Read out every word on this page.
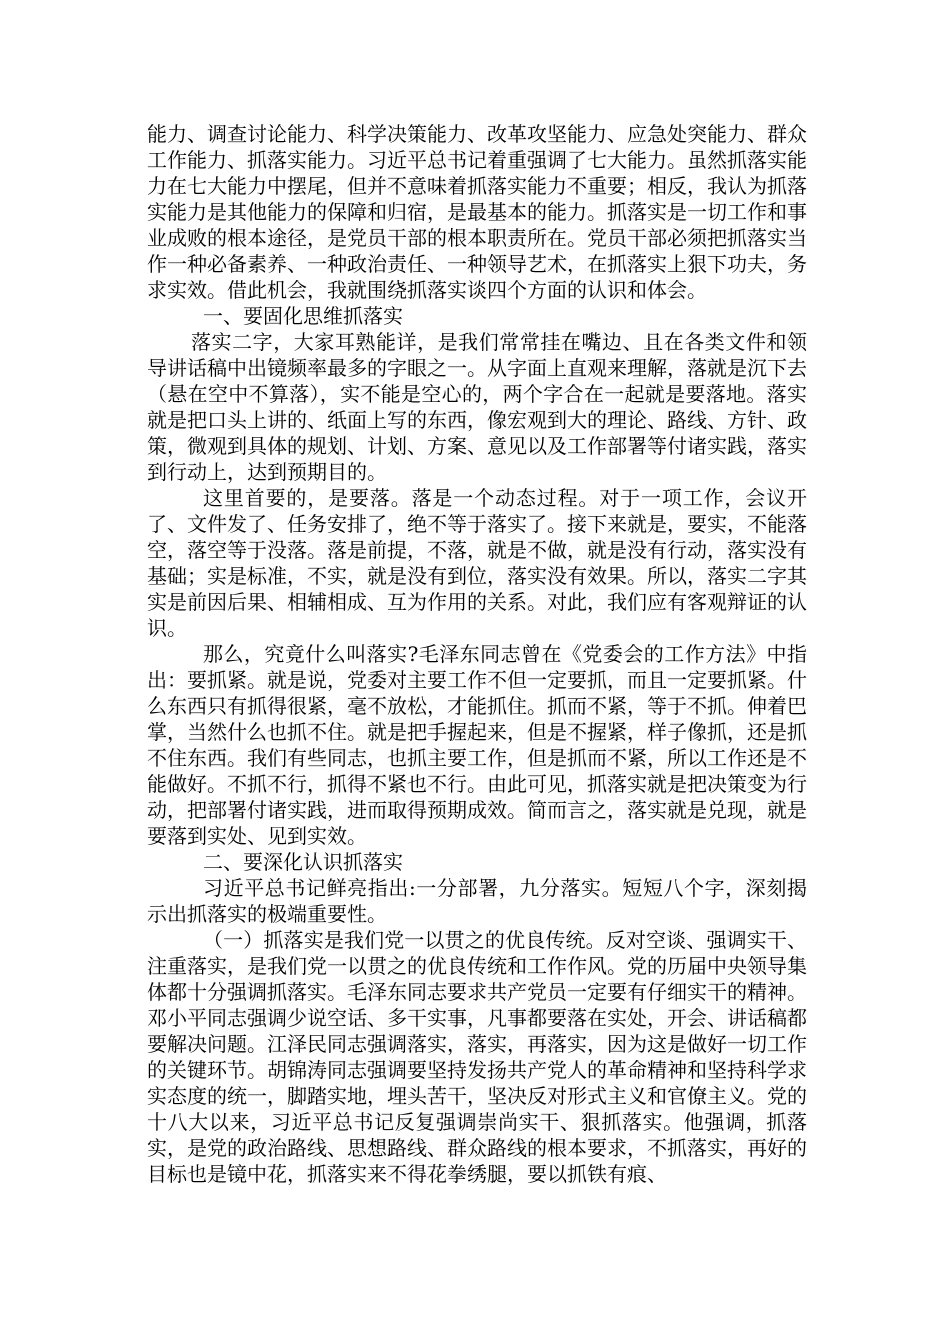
能力、调查讨论能力、科学决策能力、改革攻坚能力、应急处突能力、群众工作能力、抓落实能力。习近平总书记着重强调了七大能力。虽然抓落实能力在七大能力中摆尾，但并不意味着抓落实能力不重要；相反，我认为抓落实能力是其他能力的保障和归宿，是最基本的能力。抓落实是一切工作和事业成败的根本途径，是党员干部的根本职责所在。党员干部必须把抓落实当作一种必备素养、一种政治责任、一种领导艺术，在抓落实上狠下功夫，务求实效。借此机会，我就围绕抓落实谈四个方面的认识和体会。

一、要固化思维抓落实

落实二字，大家耳熟能详，是我们常常挂在嘴边、且在各类文件和领导讲话稿中出镜频率最多的字眼之一。从字面上直观来理解，落就是沉下去（悬在空中不算落），实不能是空心的，两个字合在一起就是要落地。落实就是把口头上讲的、纸面上写的东西，像宏观到大的理论、路线、方针、政策，微观到具体的规划、计划、方案、意见以及工作部署等付诸实践，落实到行动上，达到预期目的。

这里首要的，是要落。落是一个动态过程。对于一项工作，会议开了、文件发了、任务安排了，绝不等于落实了。接下来就是，要实，不能落空，落空等于没落。落是前提，不落，就是不做，就是没有行动，落实没有基础；实是标准，不实，就是没有到位，落实没有效果。所以，落实二字其实是前因后果、相辅相成、互为作用的关系。对此，我们应有客观辩证的认识。

那么，究竟什么叫落实?毛泽东同志曾在《党委会的工作方法》中指出：要抓紧。就是说，党委对主要工作不但一定要抓，而且一定要抓紧。什么东西只有抓得很紧，毫不放松，才能抓住。抓而不紧，等于不抓。伸着巴掌，当然什么也抓不住。就是把手握起来，但是不握紧，样子像抓，还是抓不住东西。我们有些同志，也抓主要工作，但是抓而不紧，所以工作还是不能做好。不抓不行，抓得不紧也不行。由此可见，抓落实就是把决策变为行动，把部署付诸实践，进而取得预期成效。简而言之，落实就是兑现，就是要落到实处、见到实效。

二、要深化认识抓落实

习近平总书记鲜亮指出:一分部署，九分落实。短短八个字，深刻揭示出抓落实的极端重要性。

（一）抓落实是我们党一以贯之的优良传统。反对空谈、强调实干、注重落实，是我们党一以贯之的优良传统和工作作风。党的历届中央领导集体都十分强调抓落实。毛泽东同志要求共产党员一定要有仔细实干的精神。邓小平同志强调少说空话、多干实事，凡事都要落在实处，开会、讲话稿都要解决问题。江泽民同志强调落实，落实，再落实，因为这是做好一切工作的关键环节。胡锦涛同志强调要坚持发扬共产党人的革命精神和坚持科学求实态度的统一，脚踏实地，埋头苦干，坚决反对形式主义和官僚主义。党的十八大以来，习近平总书记反复强调崇尚实干、狠抓落实。他强调，抓落实，是党的政治路线、思想路线、群众路线的根本要求，不抓落实，再好的目标也是镜中花，抓落实来不得花拳绣腿，要以抓铁有痕、
